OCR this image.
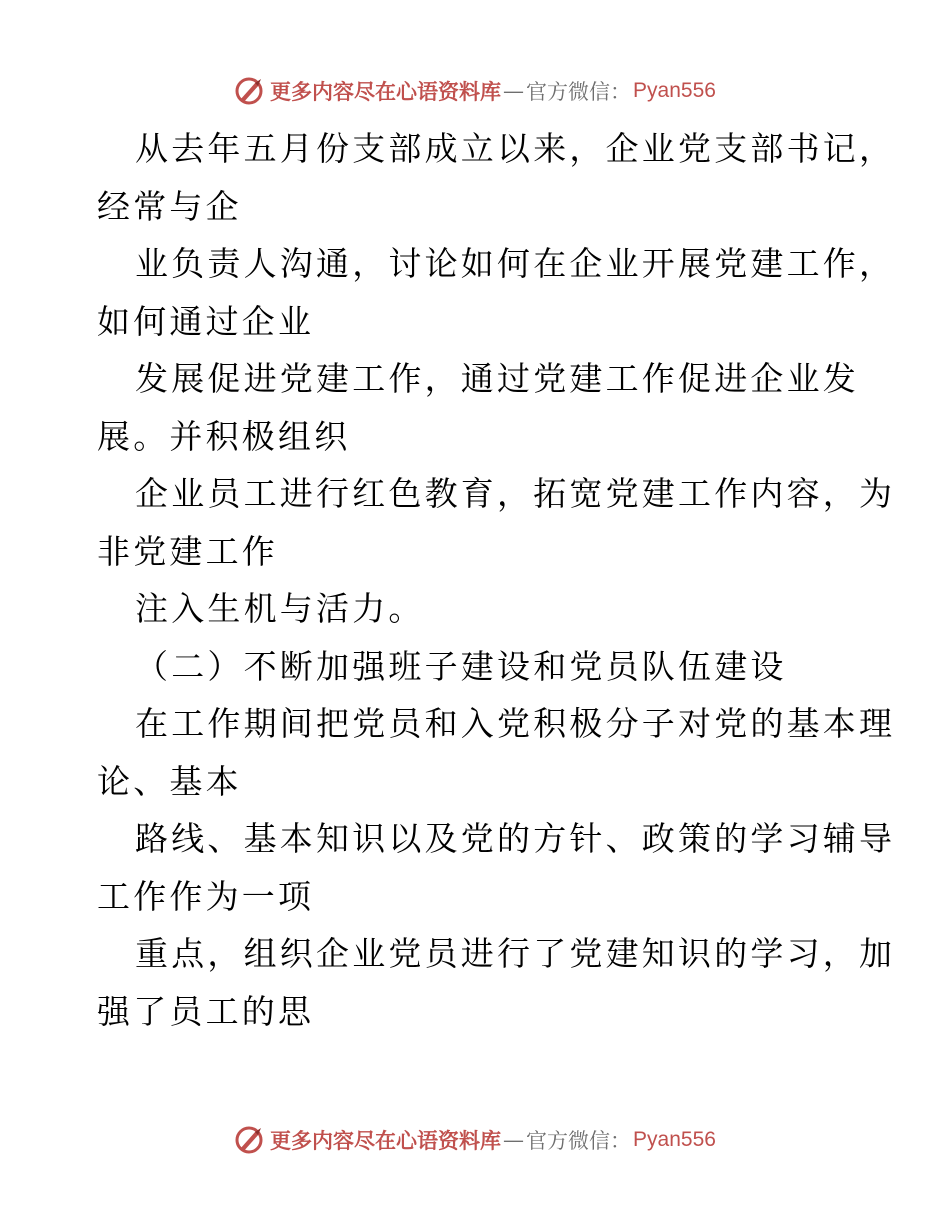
更多内容尽在心语资料库 — 官方微信： Pyan556
从去年五月份支部成立以来，企业党支部书记，
经常与企
业负责人沟通，讨论如何在企业开展党建工作，
如何通过企业
发展促进党建工作，通过党建工作促进企业发
展。并积极组织
企业员工进行红色教育，拓宽党建工作内容，为
非党建工作
注入生机与活力。
（二）不断加强班子建设和党员队伍建设
在工作期间把党员和入党积极分子对党的基本理
论、基本
路线、基本知识以及党的方针、政策的学习辅导
工作作为一项
重点，组织企业党员进行了党建知识的学习，加
强了员工的思
更多内容尽在心语资料库 — 官方微信： Pyan556
